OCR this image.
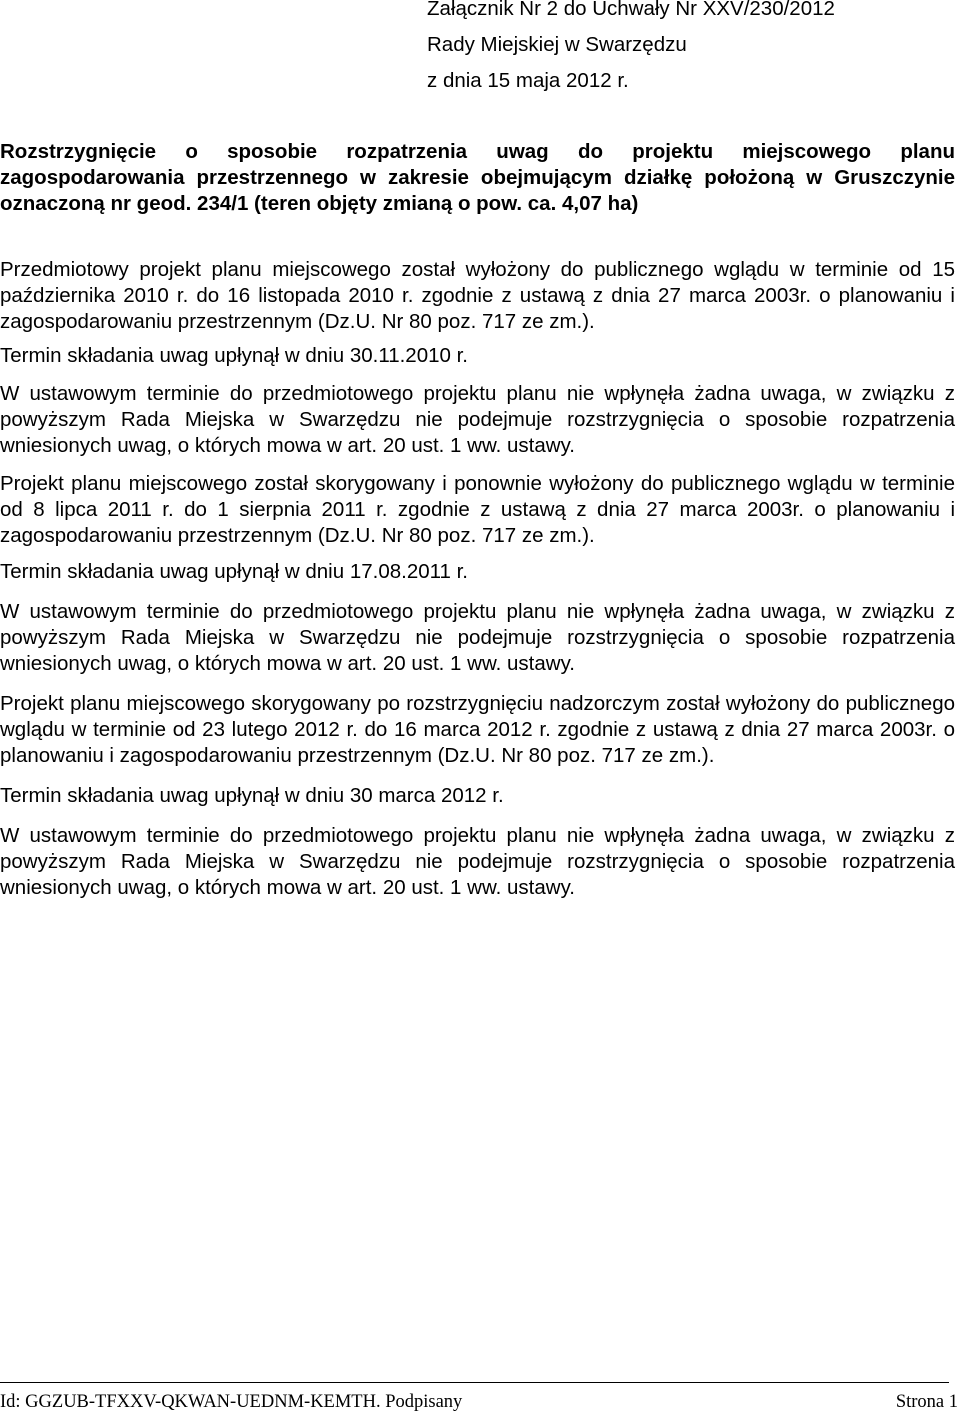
Załącznik Nr 2 do Uchwały Nr XXV/230/2012
Rady Miejskiej w Swarzędzu
z dnia 15 maja 2012 r.
Rozstrzygnięcie o sposobie rozpatrzenia uwag do projektu miejscowego planu zagospodarowania przestrzennego w zakresie obejmującym działkę położoną w Gruszczynie oznaczoną nr geod. 234/1 (teren objęty zmianą o pow. ca. 4,07 ha)

Przedmiotowy projekt planu miejscowego został wyłożony do publicznego wglądu w terminie od 15 października 2010 r. do 16 listopada 2010 r. zgodnie z ustawą z dnia 27 marca 2003r. o planowaniu i zagospodarowaniu przestrzennym (Dz.U. Nr 80 poz. 717 ze zm.).

Termin składania uwag upłynął w dniu 30.11.2010 r.

W ustawowym terminie do przedmiotowego projektu planu nie wpłynęła żadna uwaga, w związku z powyższym Rada Miejska w Swarzędzu nie podejmuje rozstrzygnięcia o sposobie rozpatrzenia wniesionych uwag, o których mowa w art. 20 ust. 1 ww. ustawy.

Projekt planu miejscowego został skorygowany i ponownie wyłożony do publicznego wglądu w terminie od 8 lipca 2011 r. do 1 sierpnia 2011 r. zgodnie z ustawą z dnia 27 marca 2003r. o planowaniu i zagospodarowaniu przestrzennym (Dz.U. Nr 80 poz. 717 ze zm.).

Termin składania uwag upłynął w dniu 17.08.2011 r.

W ustawowym terminie do przedmiotowego projektu planu nie wpłynęła żadna uwaga, w związku z powyższym Rada Miejska w Swarzędzu nie podejmuje rozstrzygnięcia o sposobie rozpatrzenia wniesionych uwag, o których mowa w art. 20 ust. 1 ww. ustawy.

Projekt planu miejscowego skorygowany po rozstrzygnięciu nadzorczym został wyłożony do publicznego wglądu w terminie od 23 lutego 2012 r. do 16 marca 2012 r. zgodnie z ustawą z dnia 27 marca 2003r. o planowaniu i zagospodarowaniu przestrzennym (Dz.U. Nr 80 poz. 717 ze zm.).

Termin składania uwag upłynął w dniu 30 marca 2012 r.

W ustawowym terminie do przedmiotowego projektu planu nie wpłynęła żadna uwaga, w związku z powyższym Rada Miejska w Swarzędzu nie podejmuje rozstrzygnięcia o sposobie rozpatrzenia wniesionych uwag, o których mowa w art. 20 ust. 1 ww. ustawy.

Id: GGZUB-TFXXV-QKWAN-UEDNM-KEMTH. Podpisany	Strona 1
